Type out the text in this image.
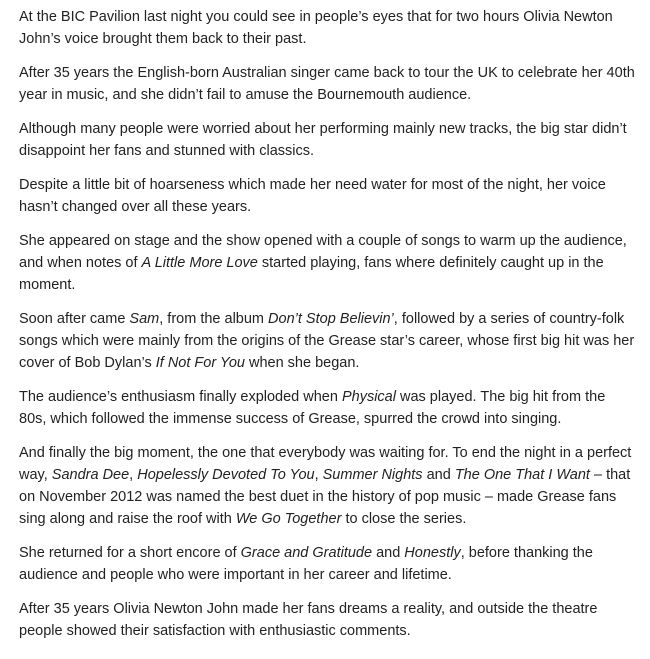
At the BIC Pavilion last night you could see in people’s eyes that for two hours Olivia Newton John’s voice brought them back to their past.

After 35 years the English-born Australian singer came back to tour the UK to celebrate her 40th year in music, and she didn’t fail to amuse the Bournemouth audience.

Although many people were worried about her performing mainly new tracks, the big star didn’t disappoint her fans and stunned with classics.

Despite a little bit of hoarseness which made her need water for most of the night, her voice hasn’t changed over all these years.

She appeared on stage and the show opened with a couple of songs to warm up the audience, and when notes of A Little More Love started playing, fans where definitely caught up in the moment.

Soon after came Sam, from the album Don’t Stop Believin’, followed by a series of country-folk songs which were mainly from the origins of the Grease star’s career, whose first big hit was her cover of Bob Dylan’s If Not For You when she began.

The audience’s enthusiasm finally exploded when Physical was played. The big hit from the 80s, which followed the immense success of Grease, spurred the crowd into singing.

And finally the big moment, the one that everybody was waiting for. To end the night in a perfect way, Sandra Dee, Hopelessly Devoted To You, Summer Nights and The One That I Want – that on November 2012 was named the best duet in the history of pop music – made Grease fans sing along and raise the roof with We Go Together to close the series.

She returned for a short encore of Grace and Gratitude and Honestly, before thanking the audience and people who were important in her career and lifetime.

After 35 years Olivia Newton John made her fans dreams a reality, and outside the theatre people showed their satisfaction with enthusiastic comments.
